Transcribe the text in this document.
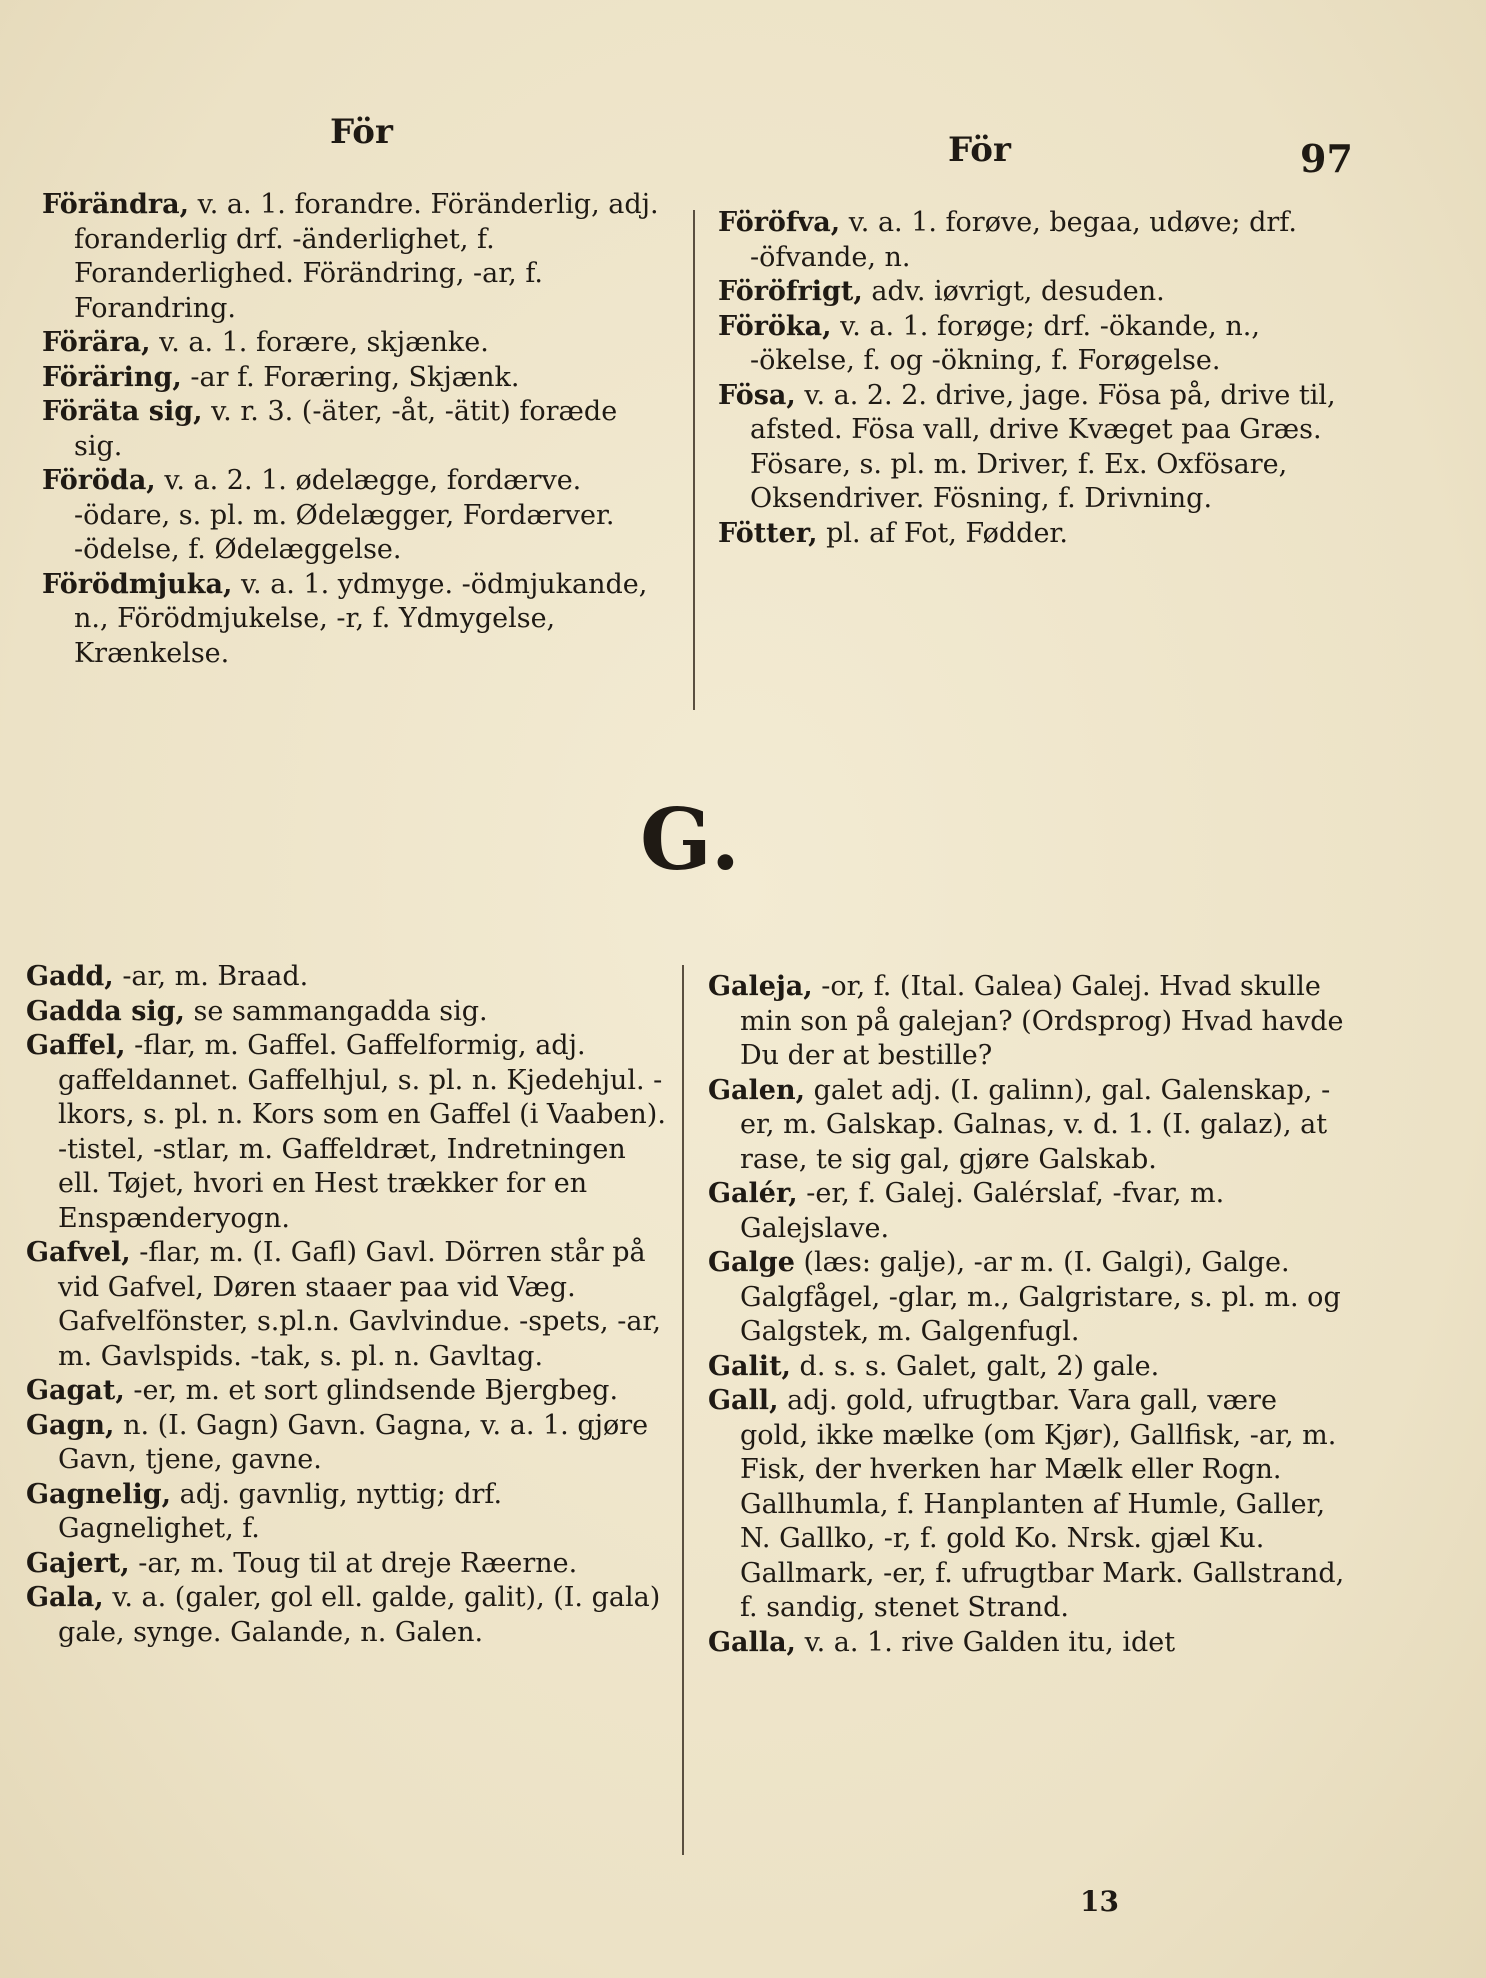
För	För	97

Förändra, v. a. 1. forandre. Föränderlig, adj. foranderlig drf. -änderlighet, f. Foranderlighed. Förändring, -ar, f. Forandring.

Förära, v. a. 1. forære, skjænke.

Föräring, -ar f. Foræring, Skjænk.

Föräta sig, v. r. 3. (-äter, -åt, -ätit) foræde sig.

Föröda, v. a. 2. 1. ødelægge, fordærve. -ödare, s. pl. m. Ødelægger, Fordærver. -ödelse, f. Ødelæggelse.

Förödmjuka, v. a. 1. ydmyge. -ödmjukande, n., Förödmjukelse, -r, f. Ydmygelse, Krænkelse.

Föröfva, v. a. 1. forøve, begaa, udøve; drf. -öfvande, n.

Föröfrigt, adv. iøvrigt, desuden.

Föröka, v. a. 1. forøge; drf. -ökande, n., -ökelse, f. og -ökning, f. Forøgelse.

Fösa, v. a. 2. 2. drive, jage. Fösa på, drive til, afsted. Fösa vall, drive Kvæget paa Græs. Fösare, s. pl. m. Driver, f. Ex. Oxfösare, Oksendriver. Fösning, f. Drivning.

Fötter, pl. af Fot, Fødder.

G.

Gadd, -ar, m. Braad.

Gadda sig, se sammangadda sig.

Gaffel, -flar, m. Gaffel. Gaffelformig, adj. gaffeldannet. Gaffelhjul, s. pl. n. Kjedehjul. -lkors, s. pl. n. Kors som en Gaffel (i Vaaben). -tistel, -stlar, m. Gaffeldræt, Indretningen ell. Tøjet, hvori en Hest trækker for en Enspænderyogn.

Gafvel, -flar, m. (I. Gafl) Gavl. Dörren står på vid Gafvel, Døren staaer paa vid Væg. Gafvelfönster, s.pl.n. Gavlvindue. -spets, -ar, m. Gavlspids. -tak, s. pl. n. Gavltag.

Gagat, -er, m. et sort glindsende Bjergbeg.

Gagn, n. (I. Gagn) Gavn. Gagna, v. a. 1. gjøre Gavn, tjene, gavne.

Gagnelig, adj. gavnlig, nyttig; drf. Gagnelighet, f.

Gajert, -ar, m. Toug til at dreje Ræerne.

Gala, v. a. (galer, gol ell. galde, galit), (I. gala) gale, synge. Galande, n. Galen.

Galeja, -or, f. (Ital. Galea) Galej. Hvad skulle min son på galejan? (Ordsprog) Hvad havde Du der at bestille?

Galen, galet adj. (I. galinn), gal. Galenskap, -er, m. Galskap. Galnas, v. d. 1. (I. galaz), at rase, te sig gal, gjøre Galskab.

Galér, -er, f. Galej. Galérslaf, -fvar, m. Galejslave.

Galge (læs: galje), -ar m. (I. Galgi), Galge. Galgfågel, -glar, m., Galgristare, s. pl. m. og Galgstek, m. Galgenfugl.

Galit, d. s. s. Galet, galt, 2) gale.

Gall, adj. gold, ufrugtbar. Vara gall, være gold, ikke mælke (om Kjør), Gallfisk, -ar, m. Fisk, der hverken har Mælk eller Rogn. Gallhumla, f. Hanplanten af Humle, Galler, N. Gallko, -r, f. gold Ko. Nrsk. gjæl Ku. Gallmark, -er, f. ufrugtbar Mark. Gallstrand, f. sandig, stenet Strand.

Galla, v. a. 1. rive Galden itu, idet

13
